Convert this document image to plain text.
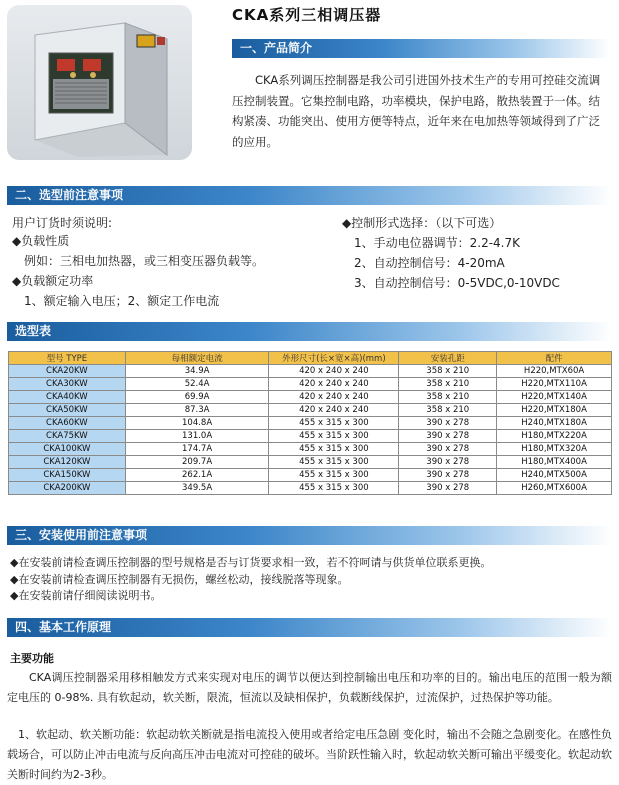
CKA系列三相调压器
一、产品简介
CKA系列调压控制器是我公司引进国外技术生产的专用可控硅交流调压控制装置。它集控制电路，功率模块，保护电路，散热装置于一体。结构紧凑、功能突出、使用方便等特点，近年来在电加热等领域得到了广泛的应用。
二、选型前注意事项
用户订货时须说明:
◆负载性质
例如：三相电加热器，或三相变压器负载等。
◆负载额定功率
1、额定输入电压；2、额定工作电流
◆控制形式选择：（以下可选）
1、手动电位器调节：2.2-4.7K
2、自动控制信号：4-20mA
3、自动控制信号：0-5VDC,0-10VDC
选型表
型号 TYPE	每相额定电流	外形尺寸(长×宽×高)(mm)	安装孔距	配件
CKA20KW	34.9A	420 x 240 x 240	358 x 210	H220,MTX60A
CKA30KW	52.4A	420 x 240 x 240	358 x 210	H220,MTX110A
CKA40KW	69.9A	420 x 240 x 240	358 x 210	H220,MTX140A
CKA50KW	87.3A	420 x 240 x 240	358 x 210	H220,MTX180A
CKA60KW	104.8A	455 x 315 x 300	390 x 278	H240,MTX180A
CKA75KW	131.0A	455 x 315 x 300	390 x 278	H180,MTX220A
CKA100KW	174.7A	455 x 315 x 300	390 x 278	H180,MTX320A
CKA120KW	209.7A	455 x 315 x 300	390 x 278	H180,MTX400A
CKA150KW	262.1A	455 x 315 x 300	390 x 278	H240,MTX500A
CKA200KW	349.5A	455 x 315 x 300	390 x 278	H260,MTX600A
三、安装使用前注意事项
◆在安装前请检查调压控制器的型号规格是否与订货要求相一致，若不符呵请与供货单位联系更换。
◆在安装前请检查调压控制器有无损伤，螺丝松动，接线脱落等现象。
◆在安装前请仔细阅读说明书。
四、基本工作原理
主要功能
CKA调压控制器采用移相触发方式来实现对电压的调节以便达到控制输出电压和功率的目的。输出电压的范围一般为额定电压的 0-98%. 具有软起动，软关断，限流，恒流以及缺相保护，负载断线保护，过流保护，过热保护等功能。
1、软起动、软关断功能：软起动软关断就是指电流投入使用或者给定电压急剧 变化时，输出不会随之急剧变化。在感性负载场合，可以防止冲击电流与反向高压冲击电流对可控硅的破坏。当阶跃性输入时，软起动软关断可输出平缓变化。软起动软关断时间约为2-3秒。
